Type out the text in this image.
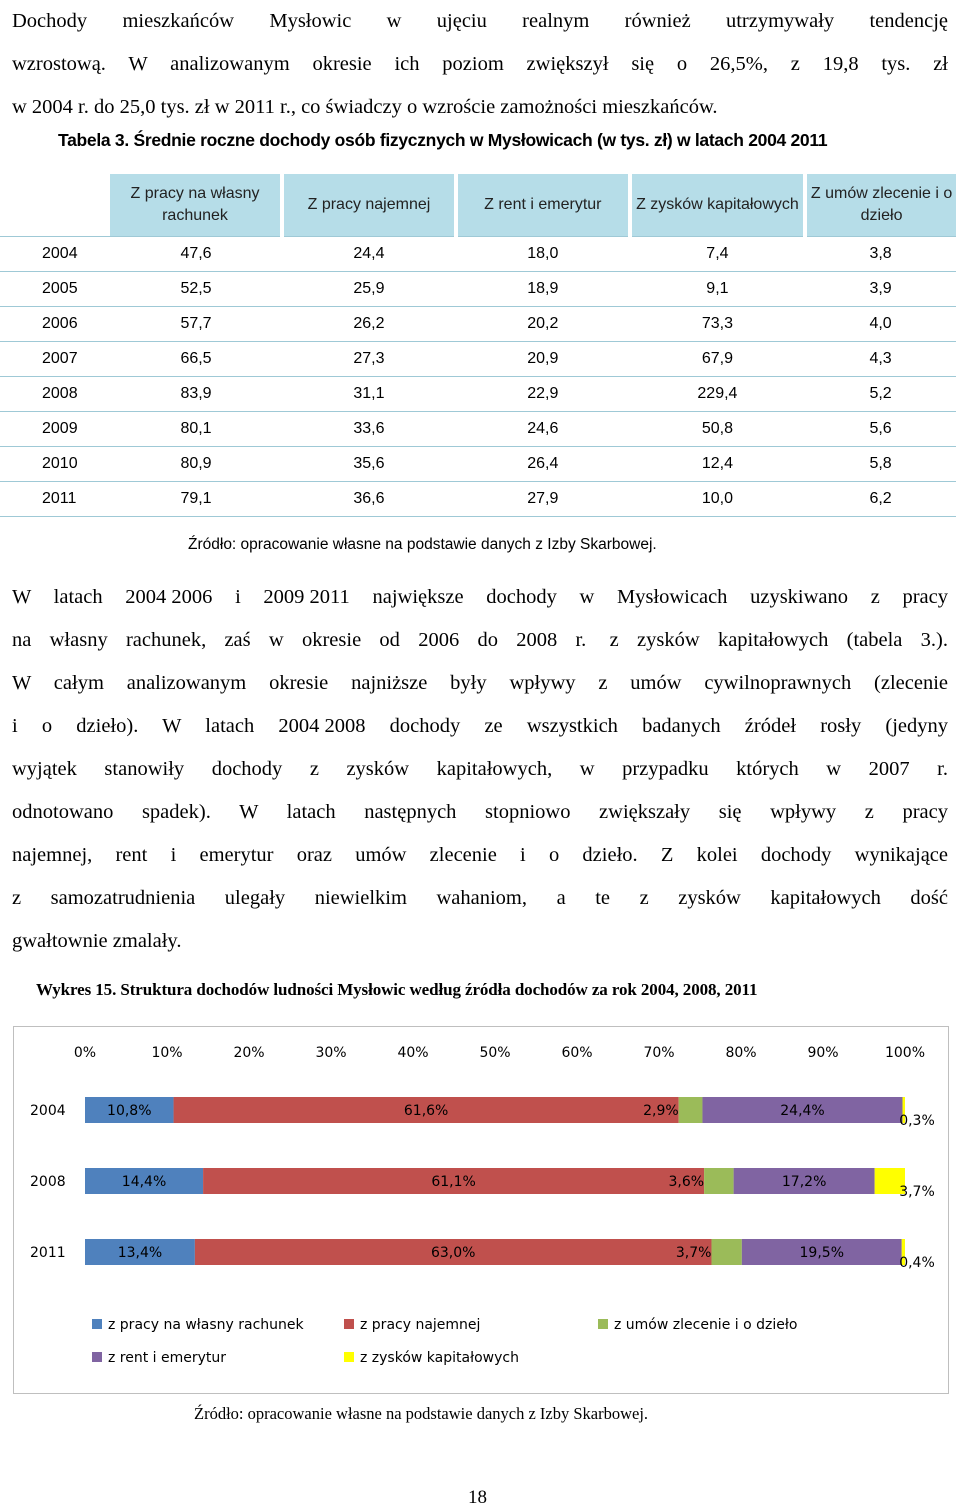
Dochody mieszkańców Mysłowic w ujęciu realnym również utrzymywały tendencję
wzrostową. W analizowanym okresie ich poziom zwiększył się o 26,5%, z 19,8 tys. zł
w 2004 r. do 25,0 tys. zł w 2011 r., co świadczy o wzroście zamożności mieszkańców.
Tabela 3. Średnie roczne dochody osób fizycznych w Mysłowicach (w tys. zł) w latach 2004 2011
	Z pracy na własny rachunek	Z pracy najemnej	Z rent i emerytur	Z zysków kapitałowych	Z umów zlecenie i o dzieło
2004	47,6	24,4	18,0	7,4	3,8
2005	52,5	25,9	18,9	9,1	3,9
2006	57,7	26,2	20,2	73,3	4,0
2007	66,5	27,3	20,9	67,9	4,3
2008	83,9	31,1	22,9	229,4	5,2
2009	80,1	33,6	24,6	50,8	5,6
2010	80,9	35,6	26,4	12,4	5,8
2011	79,1	36,6	27,9	10,0	6,2
Źródło: opracowanie własne na podstawie danych z Izby Skarbowej.
W latach 2004 2006 i 2009 2011 największe dochody w Mysłowicach uzyskiwano z pracy
na własny rachunek, zaś w okresie od 2006 do 2008 r.  z zysków kapitałowych (tabela 3.).
W całym analizowanym okresie najniższe były wpływy z umów cywilnoprawnych (zlecenie
i o dzieło). W latach 2004 2008 dochody ze wszystkich badanych źródeł rosły (jedyny
wyjątek stanowiły dochody z zysków kapitałowych, w przypadku których w 2007 r.
odnotowano spadek). W latach następnych stopniowo zwiększały się wpływy z pracy
najemnej, rent i emerytur oraz umów zlecenie i o dzieło. Z kolei dochody wynikające
z samozatrudnienia ulegały niewielkim wahaniom, a te z zysków kapitałowych dość
gwałtownie zmalały.
Wykres 15. Struktura dochodów ludności Mysłowic według źródła dochodów za rok 2004, 2008, 2011
0%	10%	20%	30%	40%	50%	60%	70%	80%	90%	100%
2004	10,8%	61,6%	2,9%	24,4%
0,3%
2008	14,4%	61,1%	3,6%	17,2%
3,7%
2011	13,4%	63,0%	3,7%	19,5%
0,4%
z pracy na własny rachunek	z pracy najemnej	z umów zlecenie i o dzieło
z rent i emerytur	z zysków kapitałowych
Źródło: opracowanie własne na podstawie danych z Izby Skarbowej.
18
